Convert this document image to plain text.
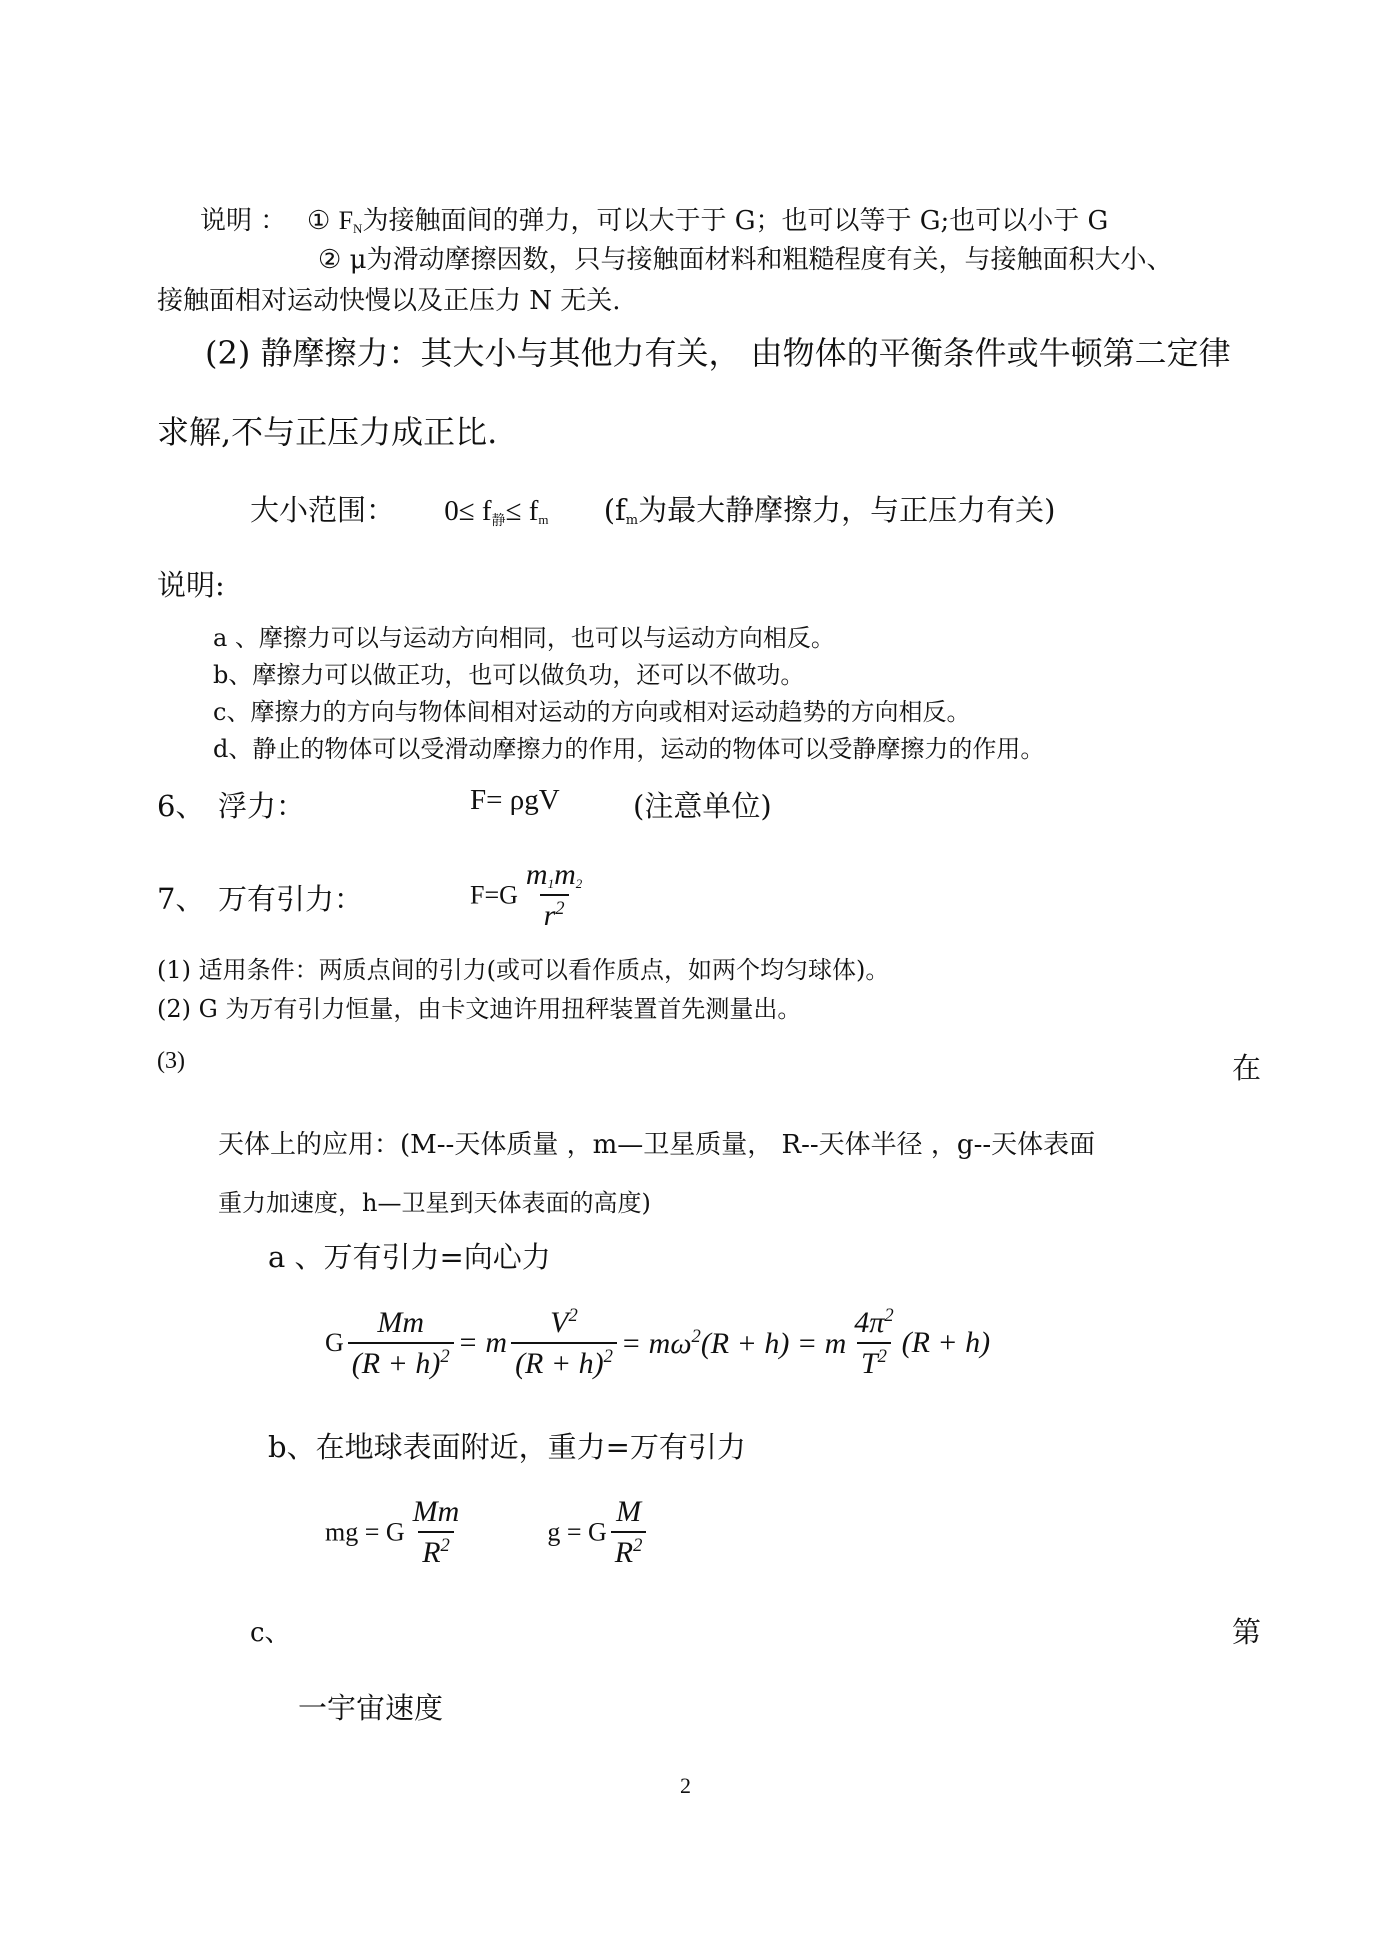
说明 ： ① $F_N$为接触面间的弹力，可以大于于 G；也可以等于 G;也可以小于 G
② μ为滑动摩擦因数，只与接触面材料和粗糙程度有关，与接触面积大小、
接触面相对运动快慢以及正压力 N 无关.
(2) 静摩擦力：其大小与其他力有关， 由物体的平衡条件或牛顿第二定律
求解,不与正压力成正比.
大小范围： 0≤ f静≤ $f_m$ ($f_m$为最大静摩擦力，与正压力有关)
说明:
a 、摩擦力可以与运动方向相同，也可以与运动方向相反。
b、摩擦力可以做正功，也可以做负功，还可以不做功。
c、摩擦力的方向与物体间相对运动的方向或相对运动趋势的方向相反。
d、静止的物体可以受滑动摩擦力的作用，运动的物体可以受静摩擦力的作用。
6、 浮力：	F= ρgV	(注意单位)
7、 万有引力：	$F=G \frac{m_1m_2}{r^2}$
(1) 适用条件：两质点间的引力(或可以看作质点，如两个均匀球体)。
(2) G 为万有引力恒量，由卡文迪许用扭秤装置首先测量出。
(3)	在
天体上的应用：(M--天体质量 ，m—卫星质量， R--天体半径 ，g--天体表面
重力加速度，h—卫星到天体表面的高度)
a 、万有引力=向心力
G $\frac{Mm}{(R + h)^2} = m \frac{V^2}{(R + h)^2} = m\omega^2(R + h) = m \frac{4\pi^2}{T^2} (R + h)$
b、在地球表面附近，重力=万有引力
mg = G $\frac{Mm}{R^2}$	g = G $\frac{M}{R^2}$
c、	第
一宇宙速度
2
